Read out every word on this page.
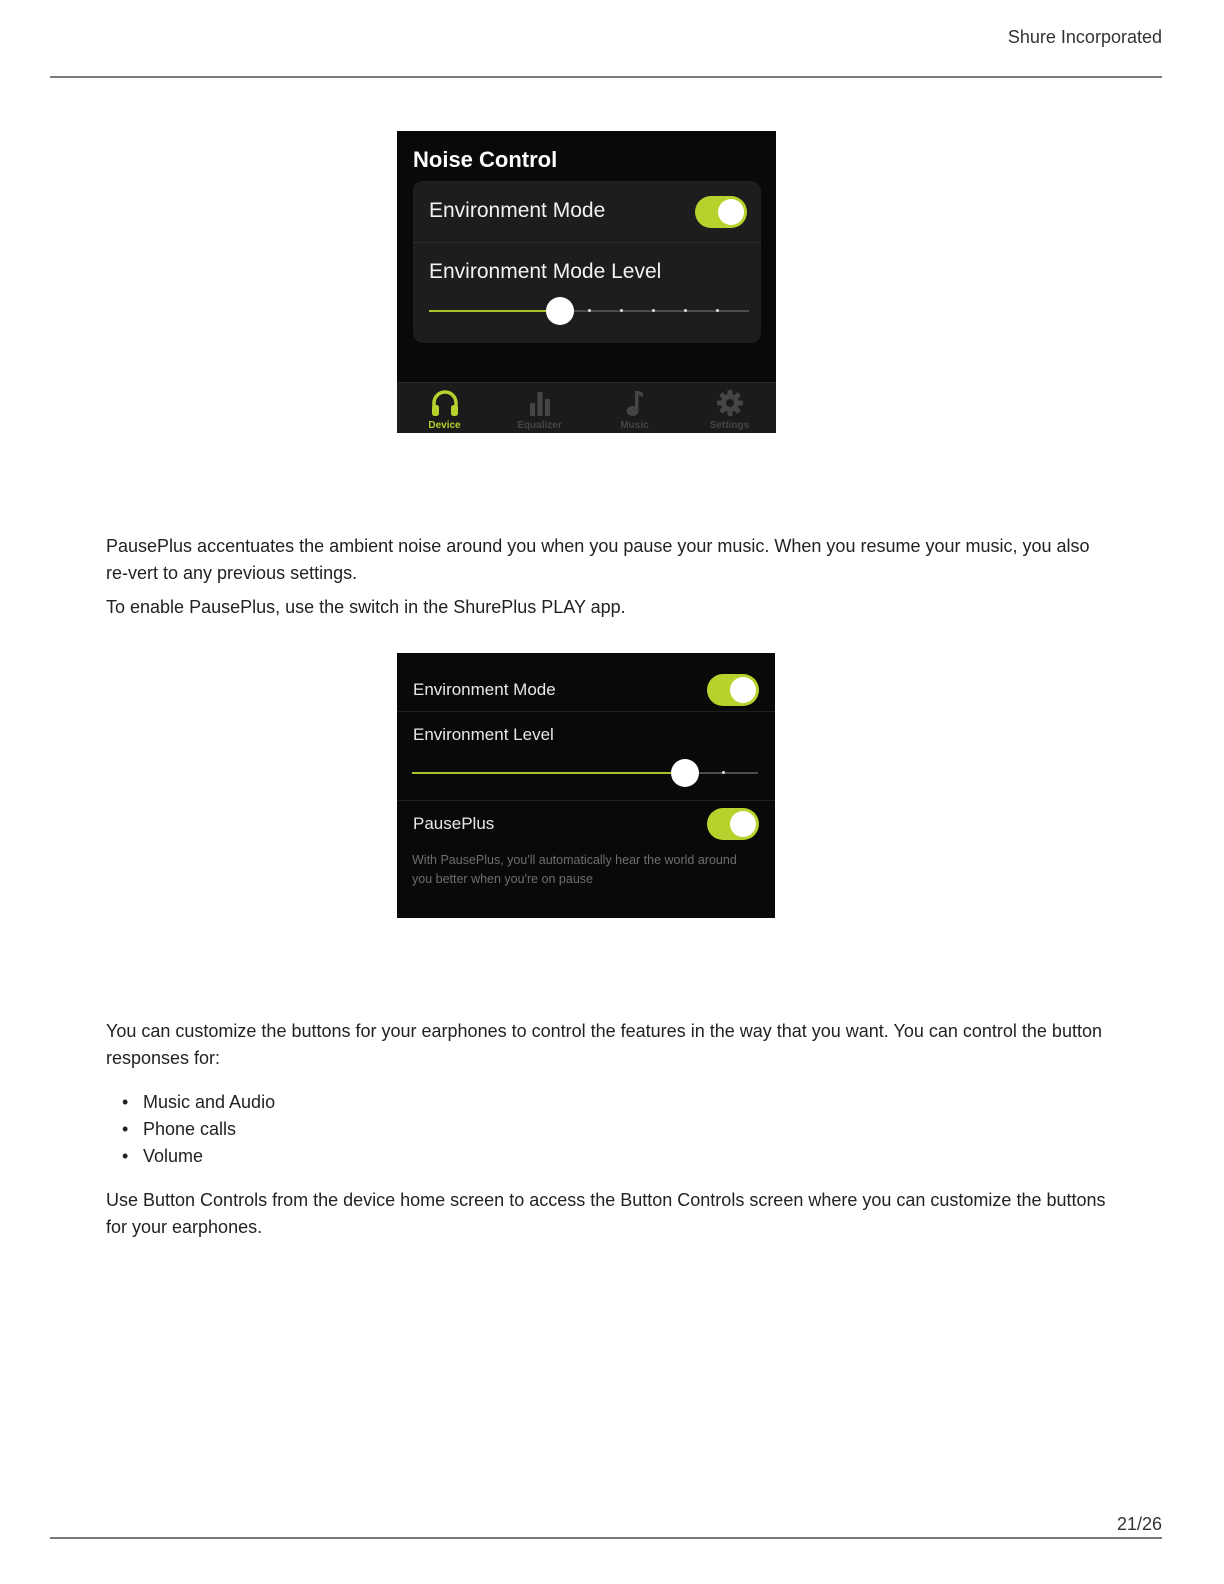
Shure Incorporated
Noise Control
Environment Mode
Environment Mode Level
Device	Equalizer	Music	Settings

PausePlus accentuates the ambient noise around you when you pause your music. When you resume your music, you also re-vert to any previous settings.

To enable PausePlus, use the switch in the ShurePlus PLAY app.

Environment Mode
Environment Level
PausePlus
With PausePlus, you'll automatically hear the world around you better when you're on pause

You can customize the buttons for your earphones to control the features in the way that you want. You can control the button responses for:

• Music and Audio
• Phone calls
• Volume

Use Button Controls from the device home screen to access the Button Controls screen where you can customize the buttons for your earphones.

21/26
